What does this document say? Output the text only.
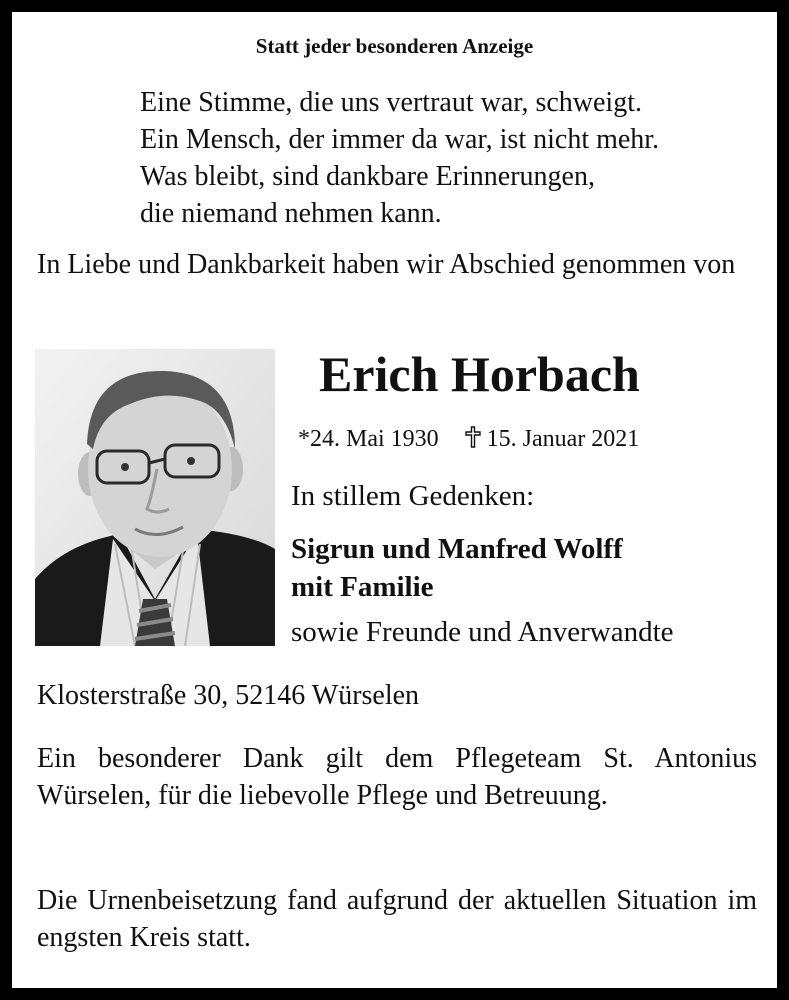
Statt jeder besonderen Anzeige
Eine Stimme, die uns vertraut war, schweigt.
Ein Mensch, der immer da war, ist nicht mehr.
Was bleibt, sind dankbare Erinnerungen,
die niemand nehmen kann.
In Liebe und Dankbarkeit haben wir Abschied genommen von
Erich Horbach
*24. Mai 1930 15. Januar 2021
In stillem Gedenken:
Sigrun und Manfred Wolff
mit Familie
sowie Freunde und Anverwandte
Klosterstraße 30, 52146 Würselen
Ein besonderer Dank gilt dem Pflegeteam St. Antonius Würselen, für die liebevolle Pflege und Betreuung.
Die Urnenbeisetzung fand aufgrund der aktuellen Situation im engsten Kreis statt.
